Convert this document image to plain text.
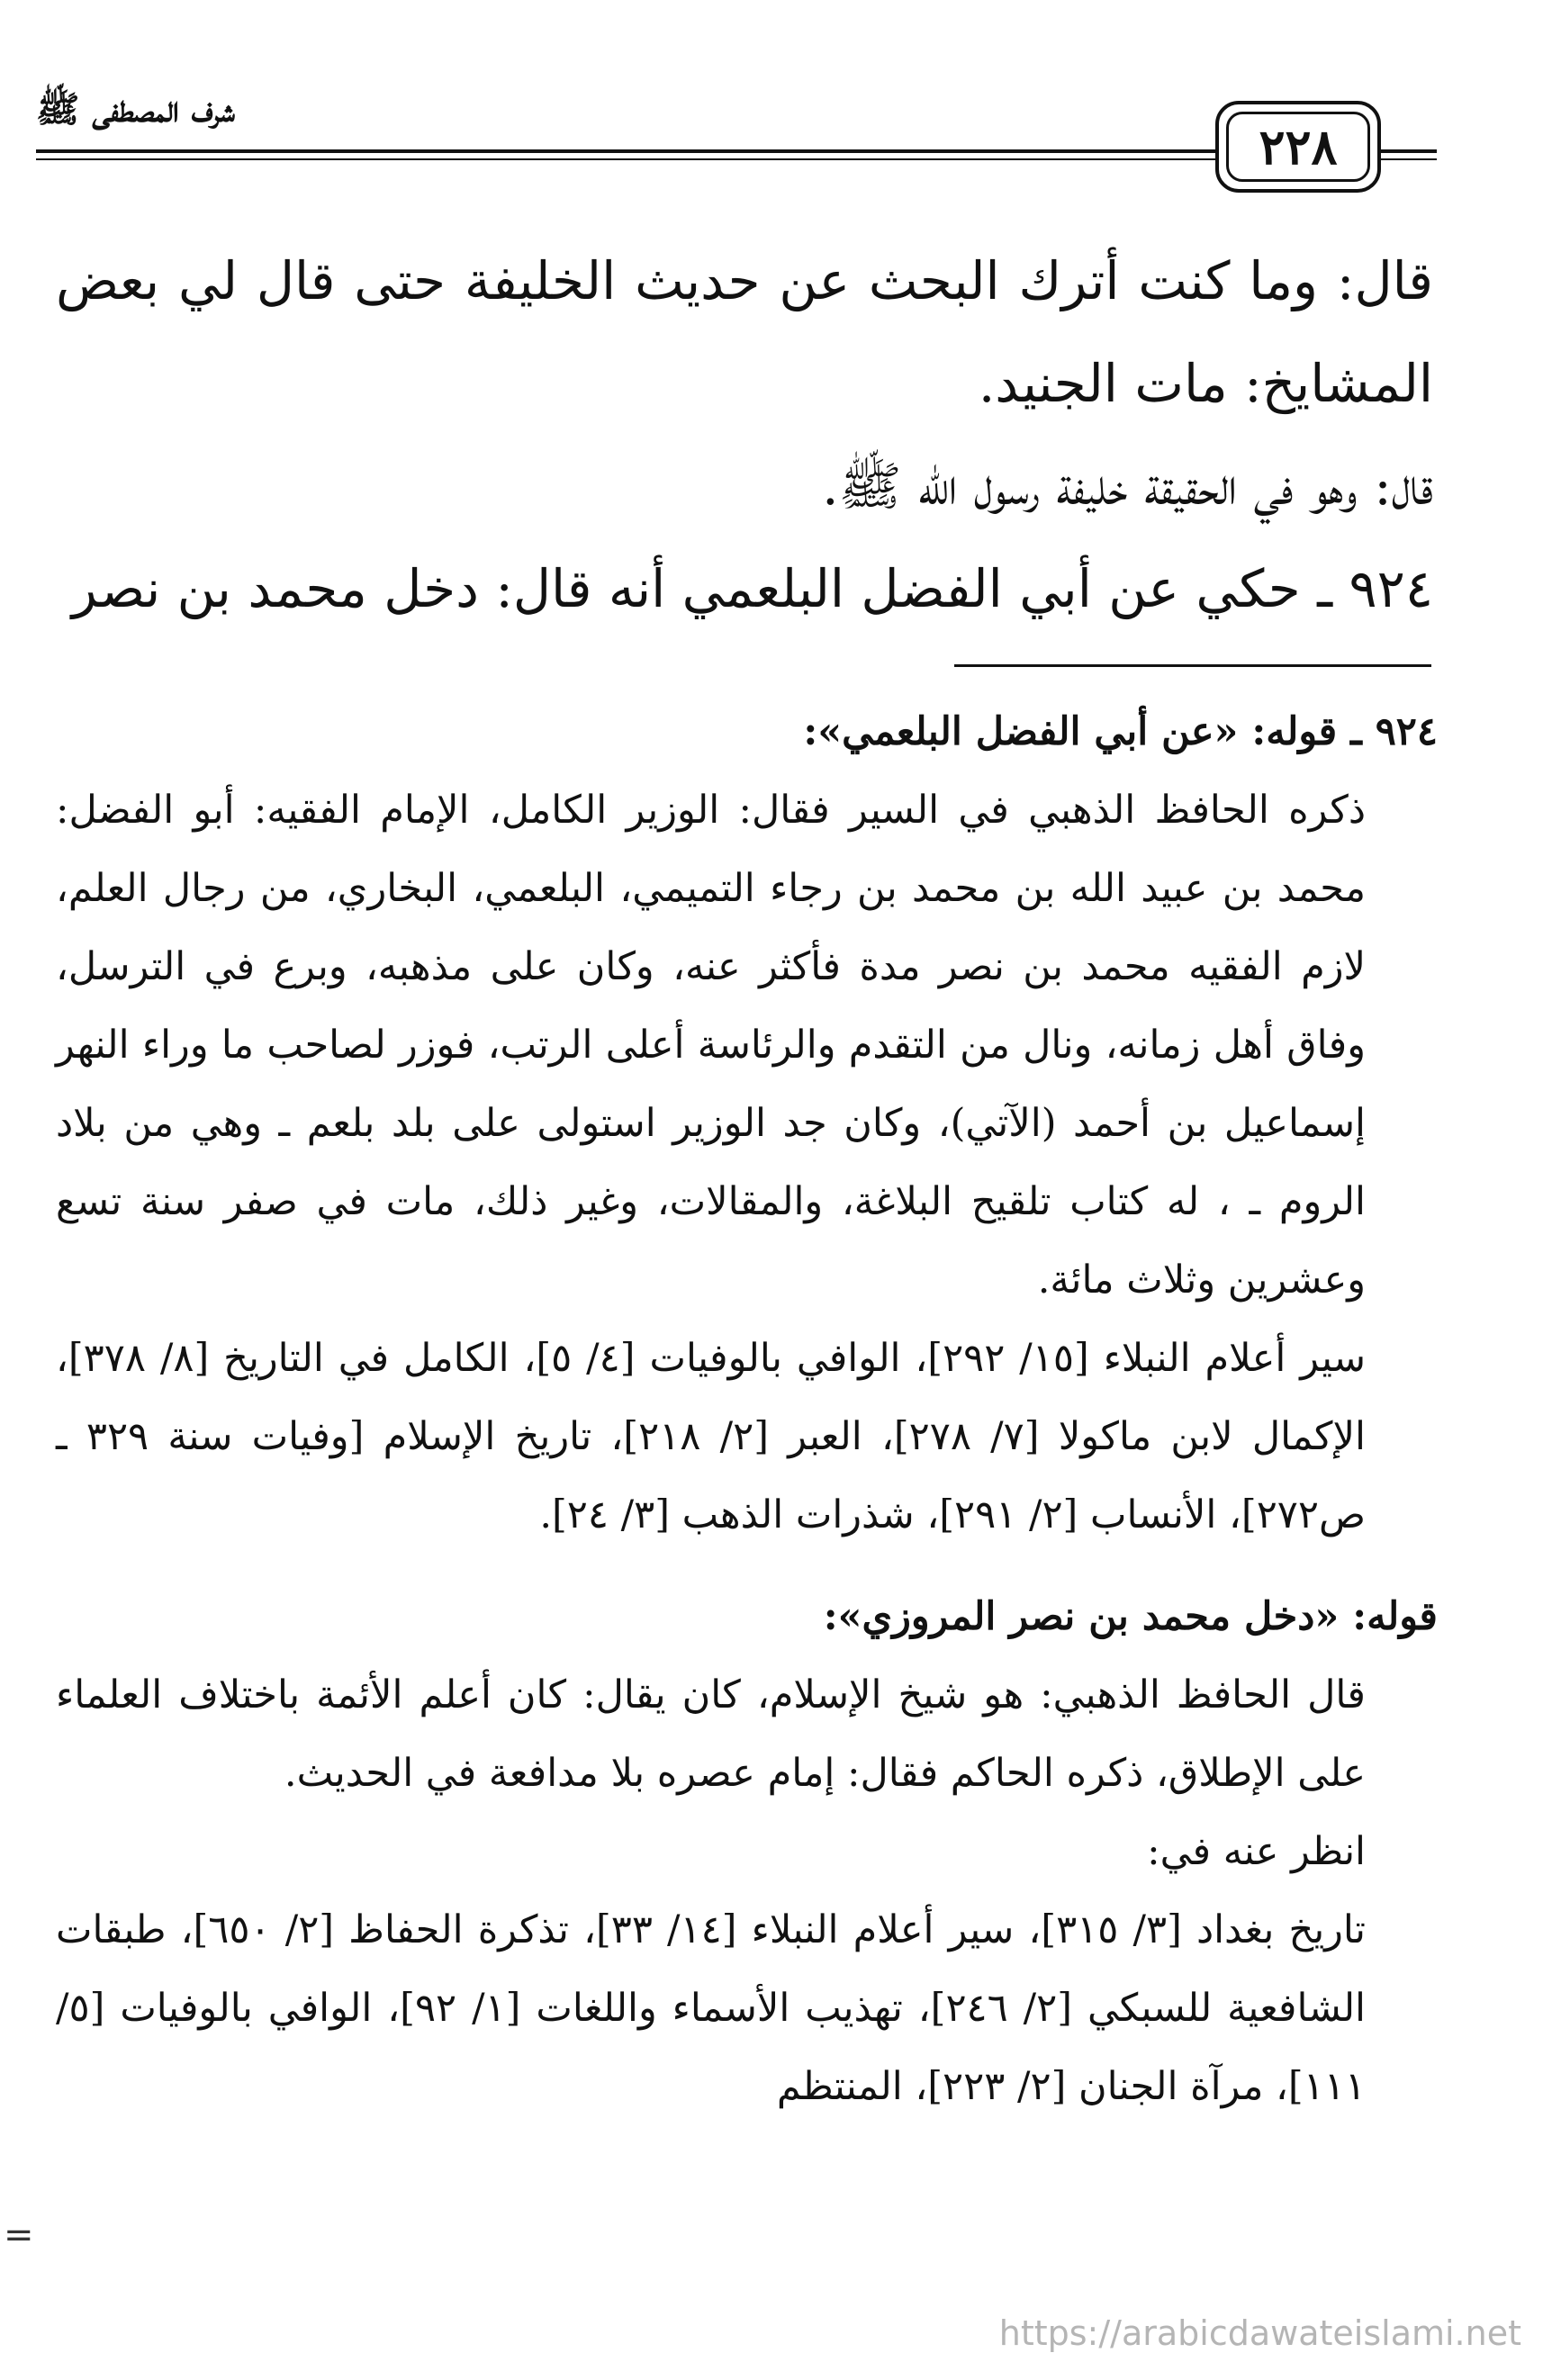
شرف المصطفى ﷺ
٢٢٨

قال: وما كنت أترك البحث عن حديث الخليفة حتى قال لي بعض المشايخ: مات الجنيد.

قال: وهو في الحقيقة خليفة رسول الله ﷺ.

٩٢٤ ـ حكي عن أبي الفضل البلعمي أنه قال: دخل محمد بن نصر

٩٢٤ ـ قوله: «عن أبي الفضل البلعمي»:

ذكره الحافظ الذهبي في السير فقال: الوزير الكامل، الإمام الفقيه: أبو الفضل: محمد بن عبيد الله بن محمد بن رجاء التميمي، البلعمي، البخاري، من رجال العلم، لازم الفقيه محمد بن نصر مدة فأكثر عنه، وكان على مذهبه، وبرع في الترسل، وفاق أهل زمانه، ونال من التقدم والرئاسة أعلى الرتب، فوزر لصاحب ما وراء النهر إسماعيل بن أحمد (الآتي)، وكان جد الوزير استولى على بلد بلعم ـ وهي من بلاد الروم ـ ، له كتاب تلقيح البلاغة، والمقالات، وغير ذلك، مات في صفر سنة تسع وعشرين وثلاث مائة.

سير أعلام النبلاء [١٥/ ٢٩٢]، الوافي بالوفيات [٤/ ٥]، الكامل في التاريخ [٨/ ٣٧٨]، الإكمال لابن ماكولا [٧/ ٢٧٨]، العبر [٢/ ٢١٨]، تاريخ الإسلام [وفيات سنة ٣٢٩ ـ ص٢٧٢]، الأنساب [٢/ ٢٩١]، شذرات الذهب [٣/ ٢٤].

قوله: «دخل محمد بن نصر المروزي»:

قال الحافظ الذهبي: هو شيخ الإسلام، كان يقال: كان أعلم الأئمة باختلاف العلماء على الإطلاق، ذكره الحاكم فقال: إمام عصره بلا مدافعة في الحديث.

انظر عنه في:

تاريخ بغداد [٣/ ٣١٥]، سير أعلام النبلاء [١٤/ ٣٣]، تذكرة الحفاظ [٢/ ٦٥٠]، طبقات الشافعية للسبكي [٢/ ٢٤٦]، تهذيب الأسماء واللغات [١/ ٩٢]، الوافي بالوفيات [٥/ ١١١]، مرآة الجنان [٢/ ٢٢٣]، المنتظم

=
https://arabicdawateislami.net
